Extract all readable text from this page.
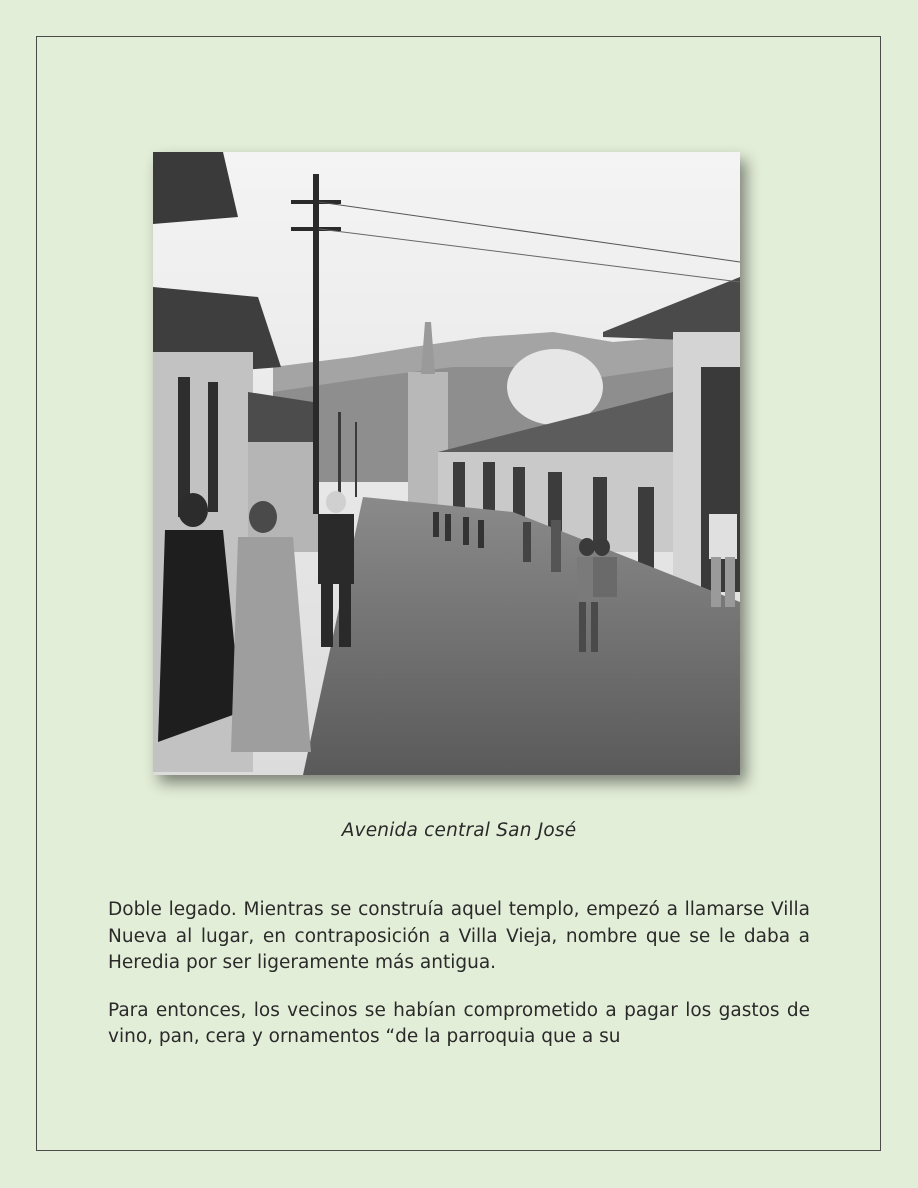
Avenida central San José

Doble legado. Mientras se construía aquel templo, empezó a llamarse Villa Nueva al lugar, en contraposición a Villa Vieja, nombre que se le daba a Heredia por ser ligeramente más antigua.

Para entonces, los vecinos se habían comprometido a pagar los gastos de vino, pan, cera y ornamentos “de la parroquia que a su
